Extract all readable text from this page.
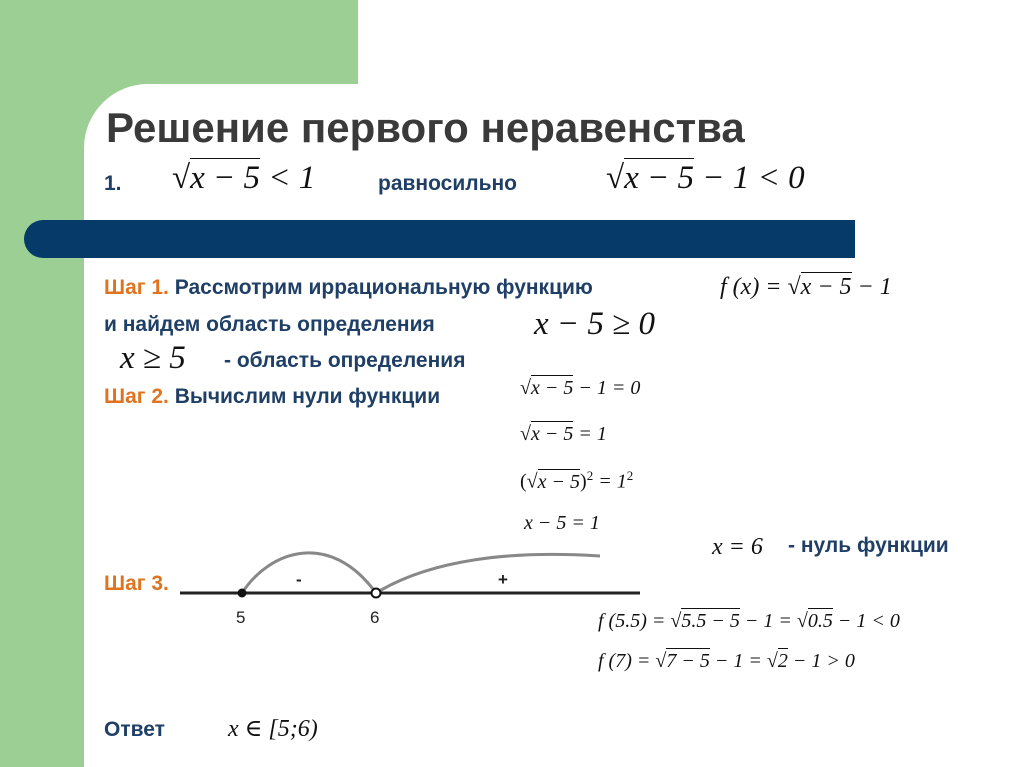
Решение первого неравенства
1. √x − 5 < 1	равносильно	√x − 5 − 1 < 0
Шаг 1. Рассмотрим иррациональную функцию	f (x) = √x − 5 − 1
и найдем область определения	x − 5 ≥ 0
x ≥ 5 - область определения
Шаг 2. Вычислим нули функции	√x − 5 − 1 = 0
√x − 5 = 1
$(√x - 5)^2 = 1^2$
x − 5 = 1
x = 6 - нуль функции
Шаг 3.
5	6
-	+
f (5.5) = √5.5 − 5 − 1 = √0.5 − 1 < 0
f (7) = √7 − 5 − 1 = √2 − 1 > 0
Ответ	x ∈ [5;6)
